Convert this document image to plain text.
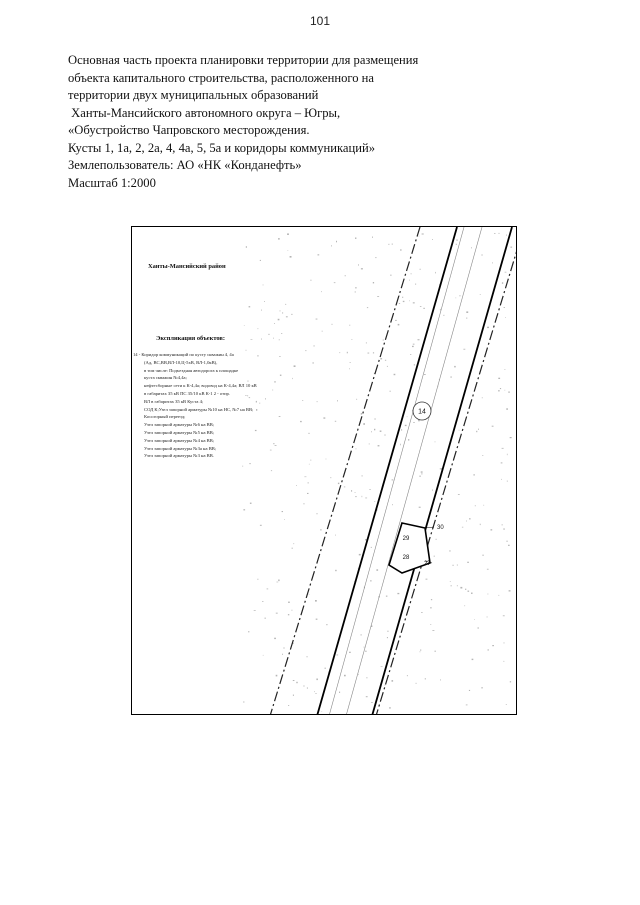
101
Основная часть проекта планировки территории для размещения
объекта капитального строительства, расположенного на
территории двух муниципальных образований
Ханты-Мансийского автономного округа – Югры,
«Обустройство Чапровского месторождения.
Кусты 1, 1а, 2, 2а, 4, 4а, 5, 5а и коридоры коммуникаций»
Землепользователь: АО «НК «Конданефть»
Масштаб 1:2000
14
29
30
28
27
Ханты-Мансийский район
Экспликация объектов:
14 - Коридор коммуникаций по кусту скважин 4, 4а
(Ад, ВС,ВВ,ВЛ-10,Ц-5хВ, ВЛ-1,0кВ),
в том числе: Подъездная автодорога к площадке
куста скважин №4,4а;
нефтесборные сети к К-4,4а; водовод на К-4,4а; ВЛ 10 кВ
в габаритах 35 кВ ПС 35/10 кВ К-1 2 - отпр.
ВЛ в габаритах 35 кВ Куста 4;
СОД К;Узел запорной арматуры №10 на НС, №7 на ВВ;
Косогорный переезд;
Узел запорной арматуры №6 на ВВ;
Узел запорной арматуры №5 на ВВ;
Узел запорной арматуры №4 на ВВ;
Узел запорной арматуры №3а на ВВ;
Узел запорной арматуры №3 на ВВ.
